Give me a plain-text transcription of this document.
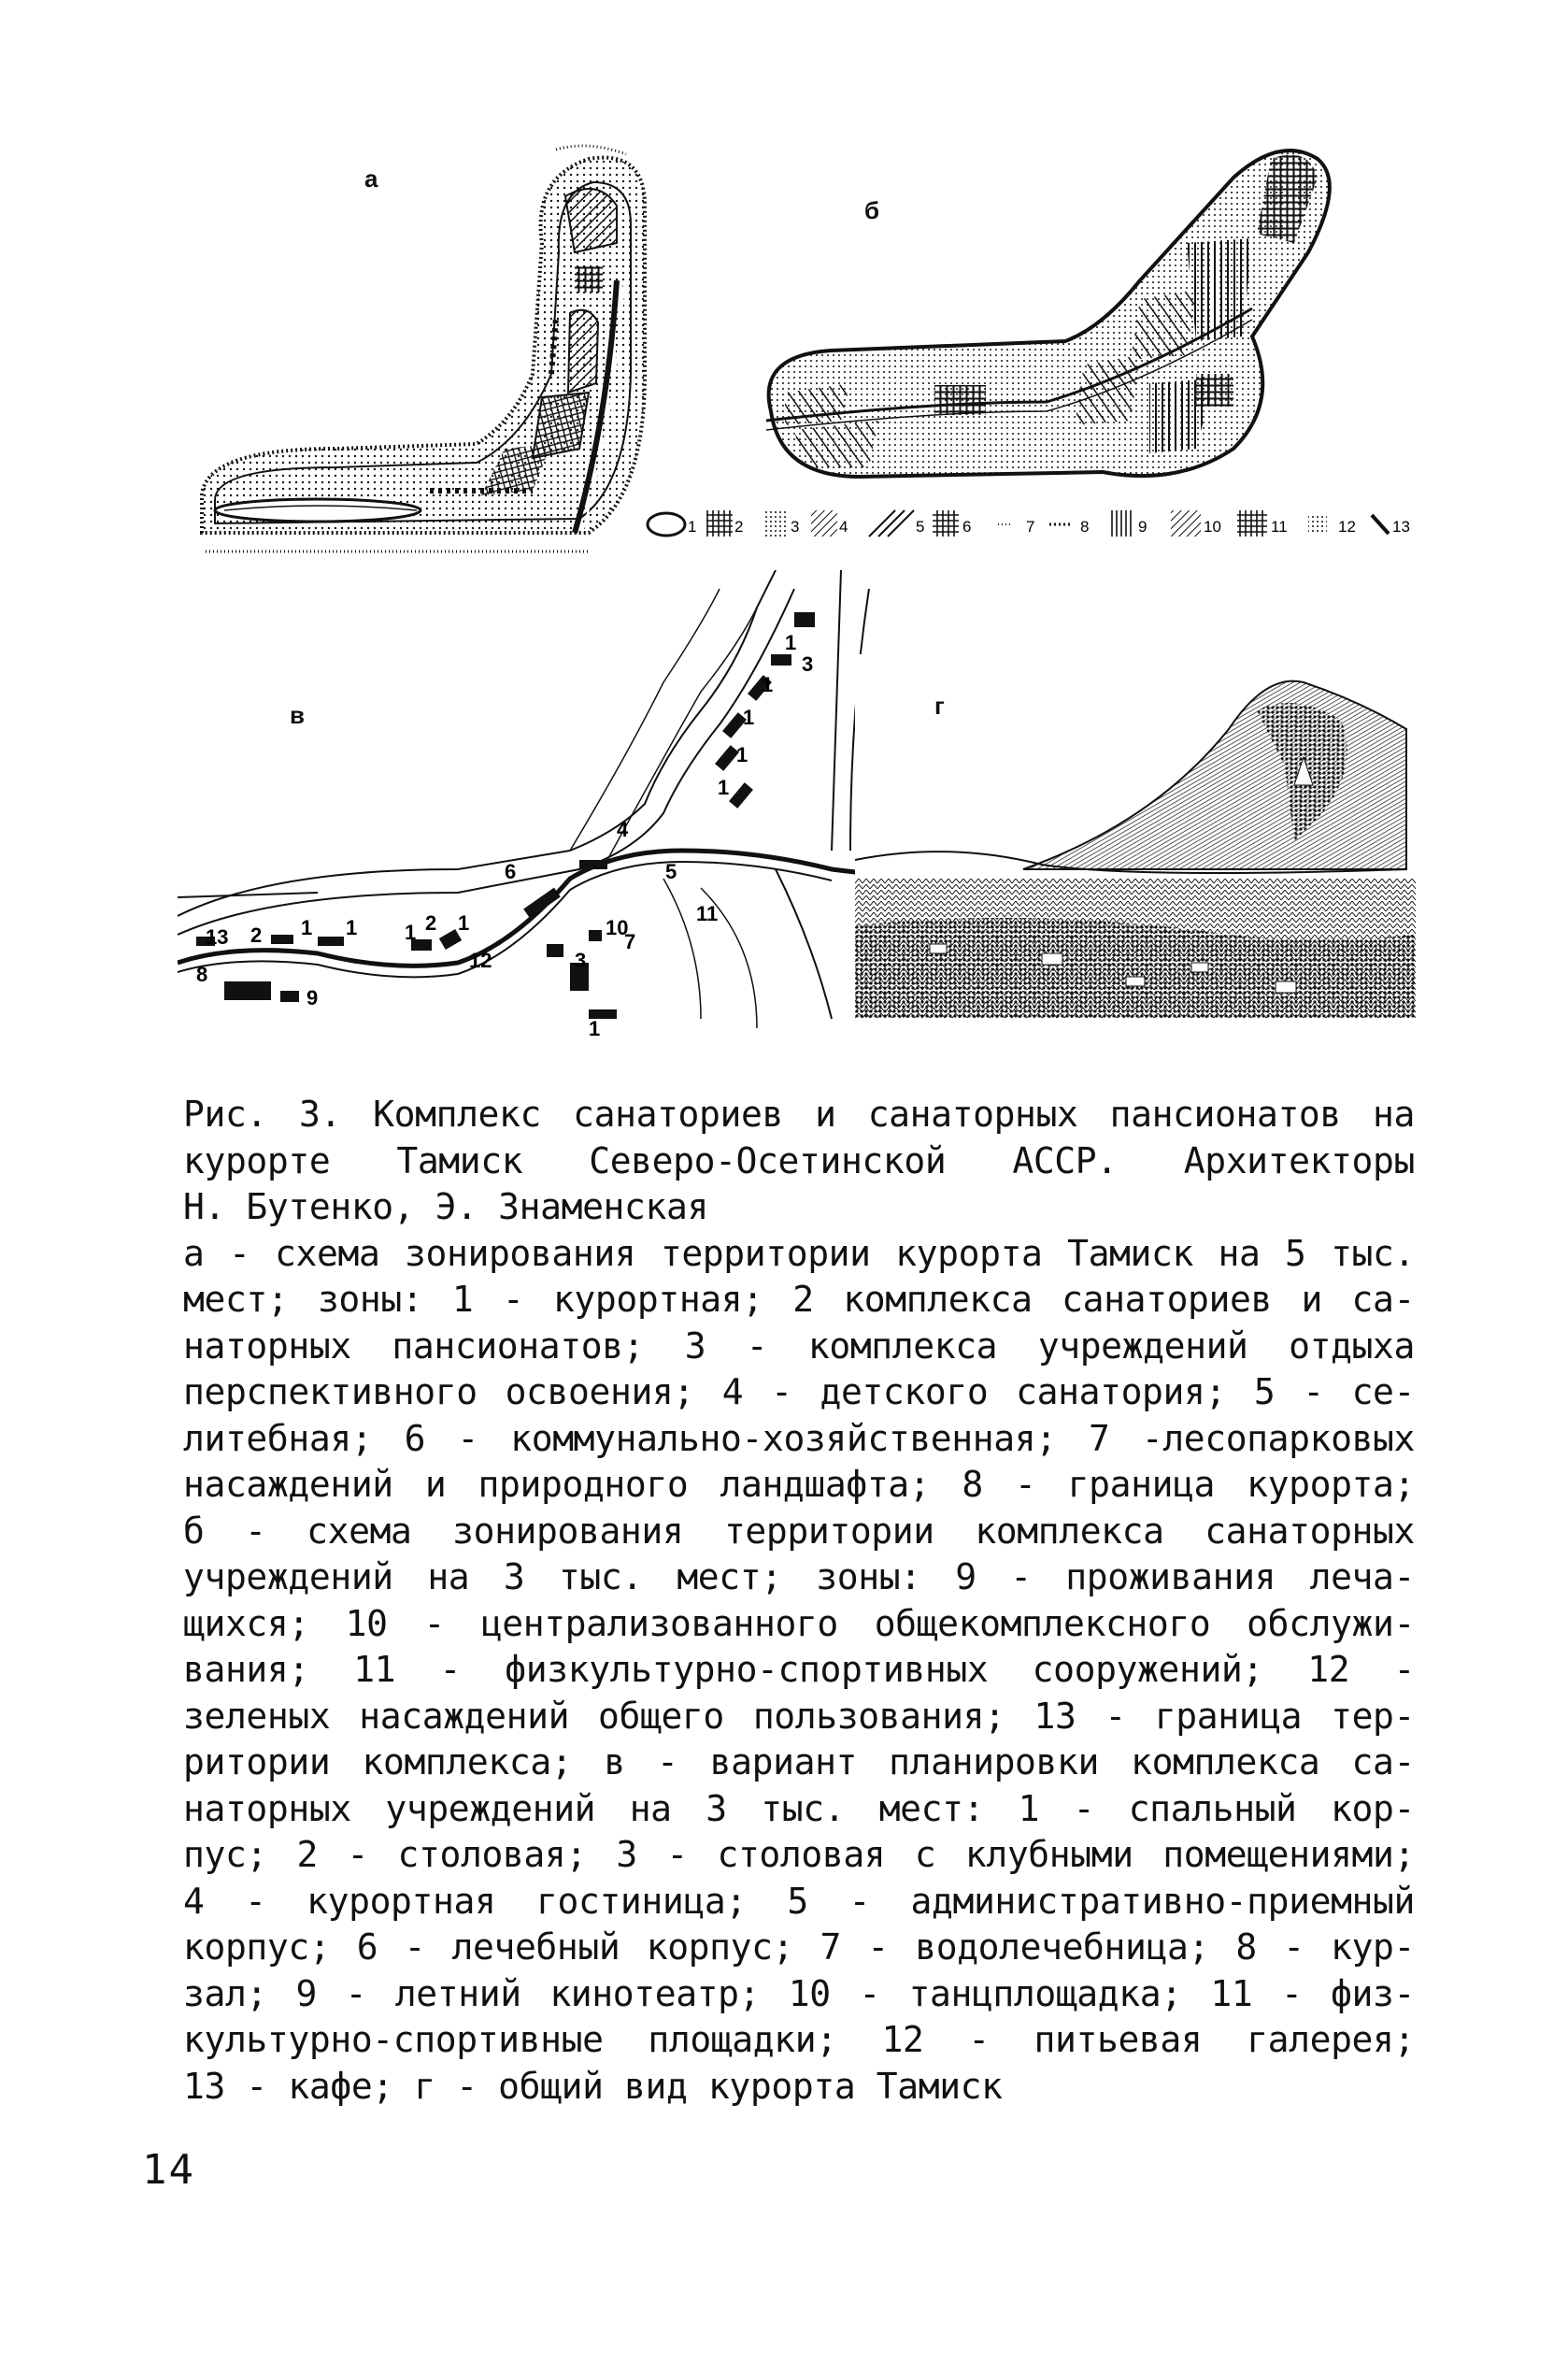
а
б
1 2	3	4	5 6	7	8	9	10	11	12 13
в
13 2 1 1 1 2 1
6
4
5
11
10
7
3
1
1
1
1
1
3
12
8
9
1
г
Рис. 3. Комплекс санаториев и санаторных пансионатов на
курорте Тамиск Северо-Осетинской АССР. Архитекторы
Н. Бутенко, Э. Знаменская
а - схема зонирования территории курорта Тамиск на 5 тыс.
мест; зоны: 1 - курортная; 2 комплекса санаториев и са-
наторных пансионатов; 3 - комплекса учреждений отдыха
перспективного освоения; 4 - детского санатория; 5 - се-
литебная; 6 - коммунально-хозяйственная; 7 -лесопарковых
насаждений и природного ландшафта; 8 - граница курорта;
б - схема зонирования территории комплекса санаторных
учреждений на 3 тыс. мест; зоны: 9 - проживания леча-
щихся; 10 - централизованного общекомплексного обслужи-
вания; 11 - физкультурно-спортивных сооружений; 12 -
зеленых насаждений общего пользования; 13 - граница тер-
ритории комплекса; в - вариант планировки комплекса са-
наторных учреждений на 3 тыс. мест: 1 - спальный кор-
пус; 2 - столовая; 3 - столовая с клубными помещениями;
4 - курортная гостиница; 5 - административно-приемный
корпус; 6 - лечебный корпус; 7 - водолечебница; 8 - кур-
зал; 9 - летний кинотеатр; 10 - танцплощадка; 11 - физ-
культурно-спортивные площадки; 12 - питьевая галерея;
13 - кафе; г - общий вид курорта Тамиск
14
